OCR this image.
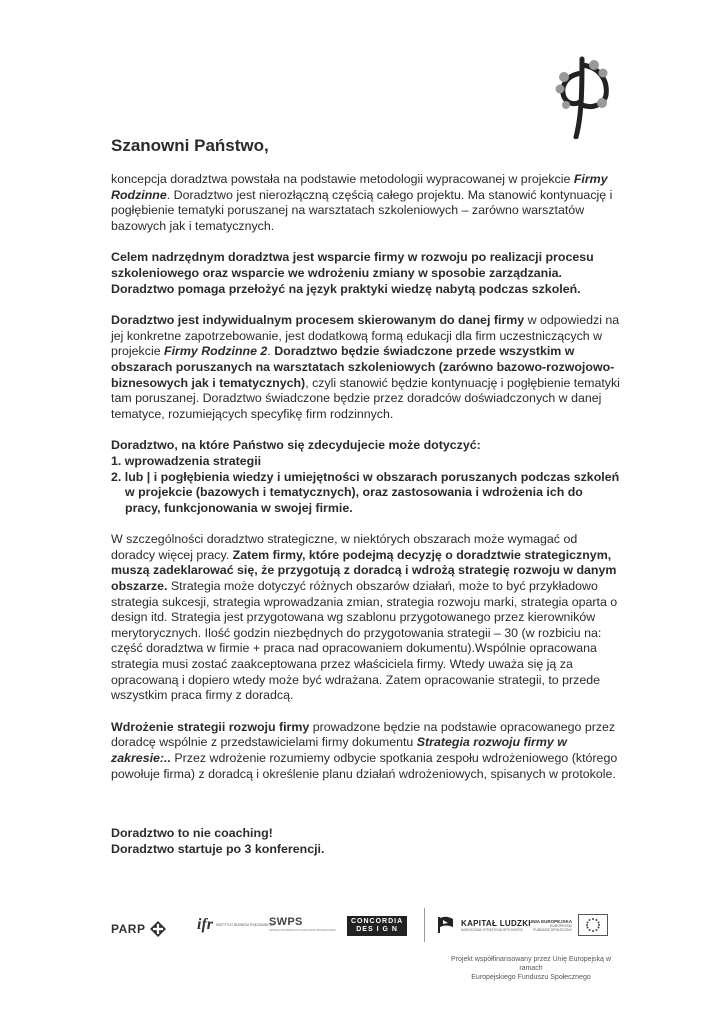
Szanowni Państwo,

koncepcja doradztwa powstała na podstawie metodologii wypracowanej w projekcie Firmy Rodzinne. Doradztwo jest nierozłączną częścią całego projektu. Ma stanowić kontynuację i pogłębienie tematyki poruszanej na warsztatach szkoleniowych – zarówno warsztatów bazowych jak i tematycznych.

Celem nadrzędnym doradztwa jest wsparcie firmy w rozwoju po realizacji procesu szkoleniowego oraz wsparcie we wdrożeniu zmiany w sposobie zarządzania. Doradztwo pomaga przełożyć na język praktyki wiedzę nabytą podczas szkoleń.

Doradztwo jest indywidualnym procesem skierowanym do danej firmy w odpowiedzi na jej konkretne zapotrzebowanie, jest dodatkową formą edukacji dla firm uczestniczących w projekcie Firmy Rodzinne 2. Doradztwo będzie świadczone przede wszystkim w obszarach poruszanych na warsztatach szkoleniowych (zarówno bazowo-rozwojowo-biznesowych jak i tematycznych), czyli stanowić będzie kontynuację i pogłębienie tematyki tam poruszanej. Doradztwo świadczone będzie przez doradców doświadczonych w danej tematyce, rozumiejących specyfikę firm rodzinnych.

Doradztwo, na które Państwo się zdecydujecie może dotyczyć:
1. wprowadzenia strategii
2. lub | i pogłębienia wiedzy i umiejętności w obszarach poruszanych podczas szkoleń w projekcie (bazowych i tematycznych), oraz zastosowania i wdrożenia ich do pracy, funkcjonowania w swojej firmie.

W szczególności doradztwo strategiczne, w niektórych obszarach może wymagać od doradcy więcej pracy. Zatem firmy, które podejmą decyzję o doradztwie strategicznym, muszą zadeklarować się, że przygotują z doradcą i wdrożą strategię rozwoju w danym obszarze. Strategia może dotyczyć różnych obszarów działań, może to być przykładowo strategia sukcesji, strategia wprowadzania zmian, strategia rozwoju marki, strategia oparta o design itd. Strategia jest przygotowana wg szablonu przygotowanego przez kierowników merytorycznych. Ilość godzin niezbędnych do przygotowania strategii – 30 (w rozbiciu na: część doradztwa w firmie + praca nad opracowaniem dokumentu).Wspólnie opracowana strategia musi zostać zaakceptowana przez właściciela firmy. Wtedy uważa się ją za opracowaną i dopiero wtedy może być wdrażana. Zatem opracowanie strategii, to przede wszystkim praca firmy z doradcą.

Wdrożenie strategii rozwoju firmy prowadzone będzie na podstawie opracowanego przez doradcę wspólnie z przedstawicielami firmy dokumentu Strategia rozwoju firmy w zakresie:.. Przez wdrożenie rozumiemy odbycie spotkania zespołu wdrożeniowego (którego powołuje firma) z doradcą i określenie planu działań wdrożeniowych, spisanych w protokole.

Doradztwo to nie coaching!
Doradztwo startuje po 3 konferencji.

PARP	ifr INSTYTUT BIZNESU RODZINNEGO
SWPS
SZKOŁA WYŻSZA PSYCHOLOGII SPOŁECZNEJ
CONCORDIA
DES I G N
KAPITAŁ LUDZKI
NARODOWA STRATEGIA SPÓJNOŚCI
UNIA EUROPEJSKA
EUROPEJSKI
FUNDUSZ SPOŁECZNY
Projekt współfinansowany przez Unię Europejską w ramach
Europejskiego Funduszu Społecznego
